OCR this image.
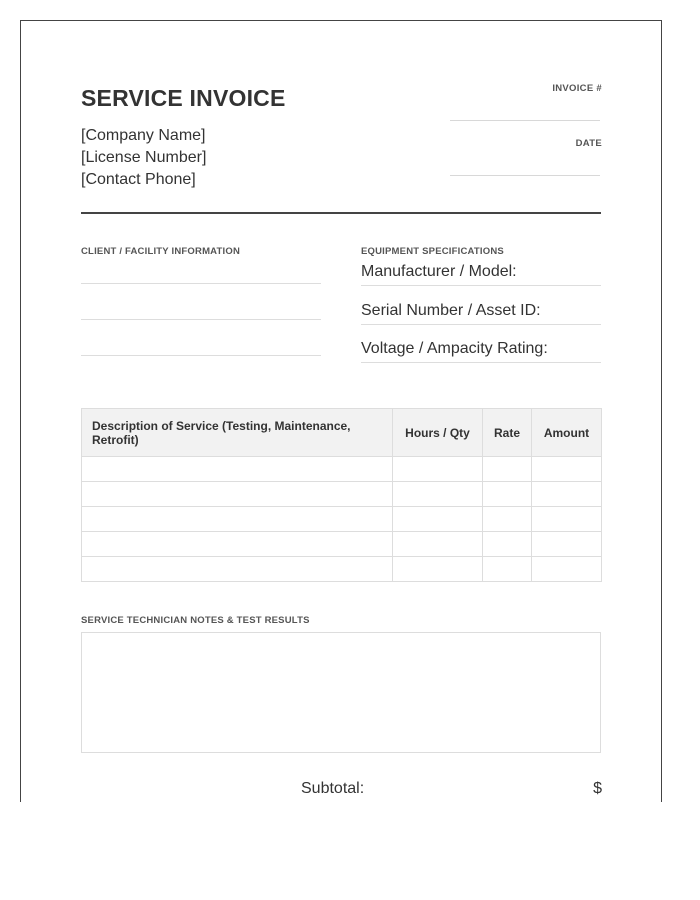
SERVICE INVOICE
[Company Name]
[License Number]
[Contact Phone]
INVOICE #
DATE
CLIENT / FACILITY INFORMATION	EQUIPMENT SPECIFICATIONS
Manufacturer / Model:
Serial Number / Asset ID:
Voltage / Ampacity Rating:
Description of Service (Testing, Maintenance, Retrofit)	Hours / Qty	Rate	Amount

SERVICE TECHNICIAN NOTES & TEST RESULTS
Subtotal:	$
